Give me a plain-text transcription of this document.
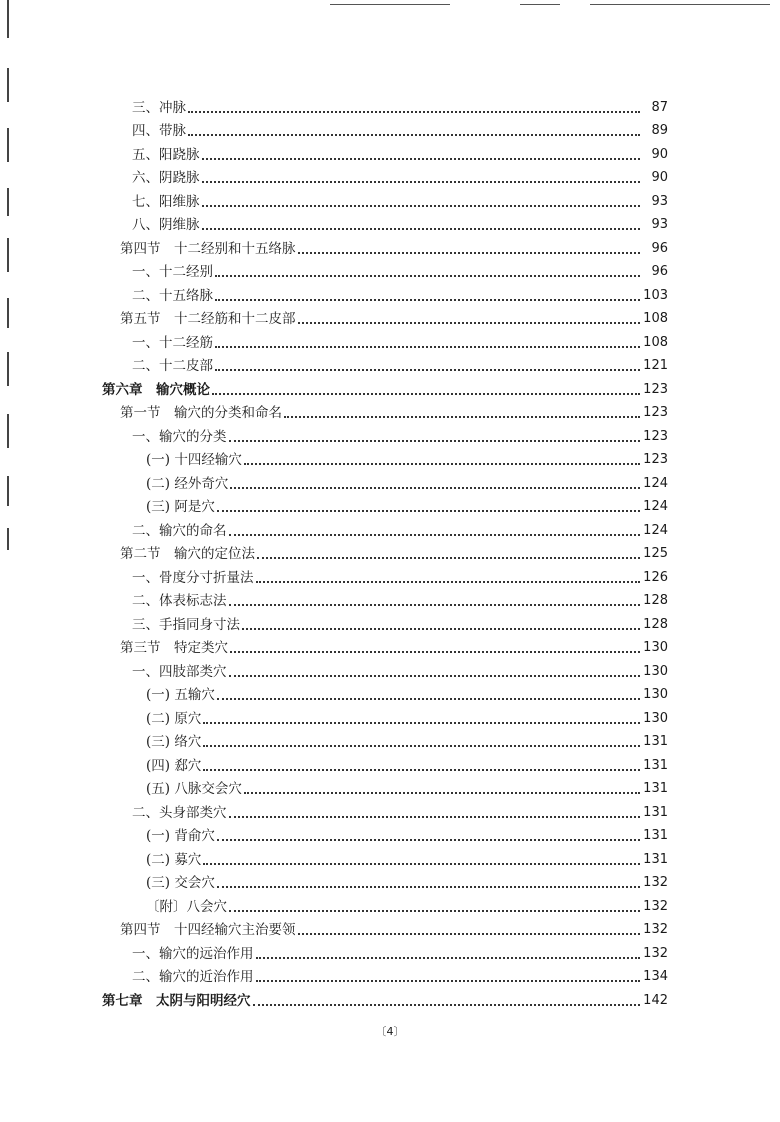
三、冲脉	87
四、带脉	89
五、阳跷脉	90
六、阴跷脉	90
七、阳维脉	93
八、阴维脉	93
第四节　十二经别和十五络脉	96
一、十二经别	96
二、十五络脉	103
第五节　十二经筋和十二皮部	108
一、十二经筋	108
二、十二皮部	121
第六章　输穴概论	123
第一节　输穴的分类和命名	123
一、输穴的分类	123
(一) 十四经输穴	123
(二) 经外奇穴	124
(三) 阿是穴	124
二、输穴的命名	124
第二节　输穴的定位法	125
一、骨度分寸折量法	126
二、体表标志法	128
三、手指同身寸法	128
第三节　特定类穴	130
一、四肢部类穴	130
(一) 五输穴	130
(二) 原穴	130
(三) 络穴	131
(四) 郄穴	131
(五) 八脉交会穴	131
二、头身部类穴	131
(一) 背俞穴	131
(二) 募穴	131
(三) 交会穴	132
〔附〕八会穴	132
第四节　十四经输穴主治要领	132
一、输穴的远治作用	132
二、输穴的近治作用	134
第七章　太阴与阳明经穴	142
〔4〕
